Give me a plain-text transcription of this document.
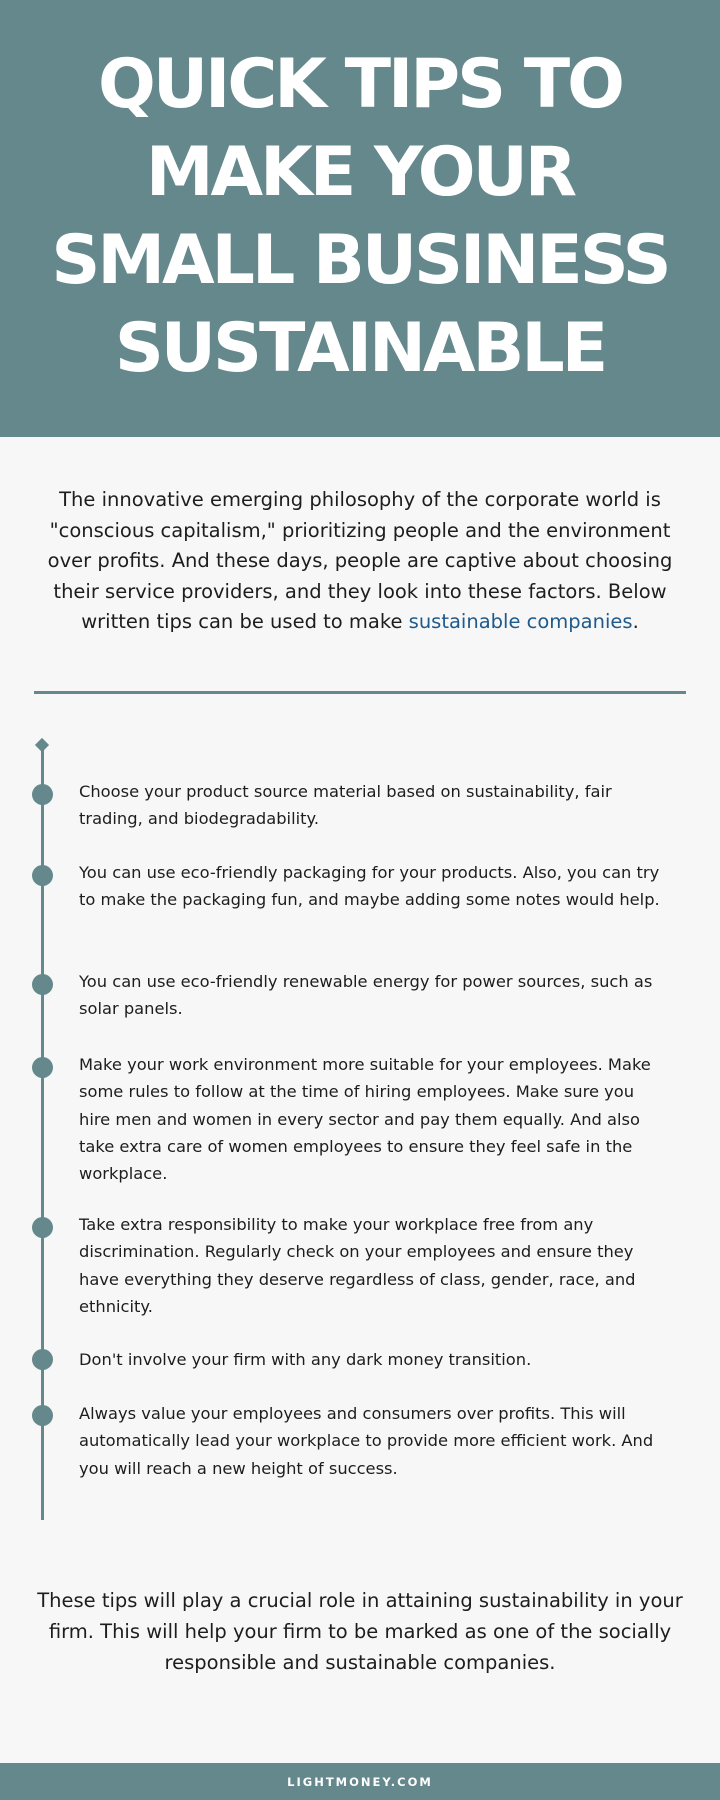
QUICK TIPS TO MAKE YOUR SMALL BUSINESS SUSTAINABLE

The innovative emerging philosophy of the corporate world is "conscious capitalism," prioritizing people and the environment over profits. And these days, people are captive about choosing their service providers, and they look into these factors. Below written tips can be used to make sustainable companies.

Choose your product source material based on sustainability, fair trading, and biodegradability.

You can use eco-friendly packaging for your products. Also, you can try to make the packaging fun, and maybe adding some notes would help.

You can use eco-friendly renewable energy for power sources, such as solar panels.

Make your work environment more suitable for your employees. Make some rules to follow at the time of hiring employees. Make sure you hire men and women in every sector and pay them equally. And also take extra care of women employees to ensure they feel safe in the workplace.

Take extra responsibility to make your workplace free from any discrimination. Regularly check on your employees and ensure they have everything they deserve regardless of class, gender, race, and ethnicity.

Don't involve your firm with any dark money transition.

Always value your employees and consumers over profits. This will automatically lead your workplace to provide more efficient work. And you will reach a new height of success.

These tips will play a crucial role in attaining sustainability in your firm. This will help your firm to be marked as one of the socially responsible and sustainable companies.

LIGHTMONEY.COM
